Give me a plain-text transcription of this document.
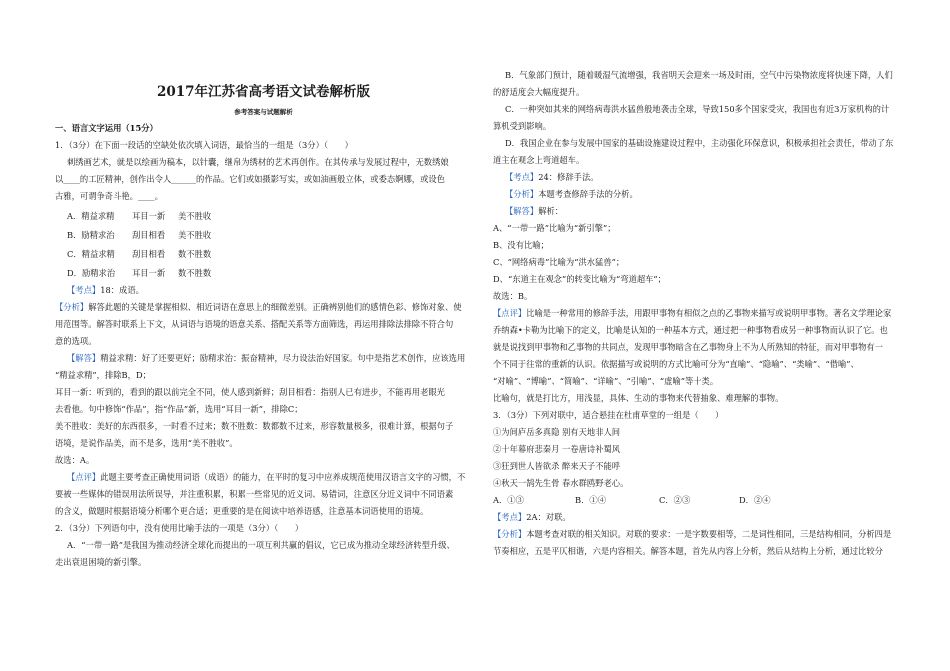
2017年江苏省高考语文试卷解析版
参考答案与试题解析
一、语言文字运用（15分）
1．（3分）在下面一段话的空缺处依次填入词语，最恰当的一组是（3分）（　　）
刺绣画艺术，就是以绘画为稿本，以针囊，继帛为绣材的艺术再创作。在其传承与发展过程中，无数绣娘
以____的工匠精神，创作出令人______的作品。它们或如摄影写实，或如油画般立体，或委态婀娜，或设色
古雅，可谓争奇斗艳。____。
A．精益求精 耳目一新 美不胜收
B．励精求治 刮目相看 美不胜收
C．精益求精 刮目相看 数不胜数
D．励精求治 耳目一新 数不胜数
【考点】18：成语。
【分析】解答此题的关键是掌握相似、相近词语在意思上的细微差别。正确辨别他们的感情色彩、修饰对象、使
用范围等。解答时联系上下文，从词语与语境的语意关系、搭配关系等方面筛选，再运用排除法排除不符合句
意的选项。
【解答】精益求精：好了还要更好；励精求治：振奋精神，尽力设法治好国家。句中是指艺术创作，应该选用
“精益求精”，排除B，D；
耳目一新：听到的，看到的跟以前完全不同，使人感到新鲜；刮目相看：指别人已有进步，不能再用老眼光
去看他。句中修饰“作品”，指“作品”新，选用“耳目一新”，排除C；
美不胜收：美好的东西很多，一时看不过来；数不胜数：数都数不过来，形容数量极多，很难计算，根据句子
语境，是说作品美，而不是多，选用“美不胜收”。
故选：A。
【点评】此题主要考查正确使用词语（成语）的能力，在平时的复习中应养成规范使用汉语言文字的习惯，不
要被一些媒体的错误用法所误导，并注重积累，积累一些常见的近义词、易错词，注意区分近义词中不同语素
的含义，做题时根据语境分析哪个更合适；更重要的是在阅读中培养语感，注意基本词语使用的语境。
2．（3分）下列语句中，没有使用比喻手法的一项是（3分）（　　）
A．“一带一路”是我国为推动经济全球化而提出的一项互利共赢的倡议，它已成为推动全球经济转型升级、
走出衰退困境的新引擎。
B．气象部门预计，随着暖湿气流增强，我省明天会迎来一场及时雨，空气中污染物浓度将快速下降，人们
的舒适度会大幅度提升。
C．一种突如其来的网络病毒洪水猛兽般地袭击全球，导致150多个国家受灾，我国也有近3万家机构的计
算机受到影响。
D．我国企业在参与发展中国家的基础设施建设过程中，主动强化环保意识，积极承担社会责任，带动了东
道主在观念上弯道超车。
【考点】24：修辞手法。
【分析】本题考查修辞手法的分析。
【解答】解析：
A、“一带一路”比喻为“新引擎”；
B、没有比喻；
C、“网络病毒”比喻为“洪水猛兽”；
D、“东道主在观念”的转变比喻为“弯道超车”；
故选：B。
【点评】比喻是一种常用的修辞手法，用跟甲事物有相似之点的乙事物来描写或说明甲事物。著名文学理论家
乔纳森•卡勒为比喻下的定义，比喻是认知的一种基本方式，通过把一种事物看成另一种事物而认识了它。也
就是说找到甲事物和乙事物的共同点，发现甲事物暗含在乙事物身上不为人所熟知的特征，而对甲事物有一
个不同于往常的重新的认识。依据描写或说明的方式比喻可分为“直喻”、“隐喻”、“类喻”、“借喻”、
“对喻”、“博喻”、“简喻”、“详喻”、“引喻”、“虚喻”等十类。
比喻句，就是打比方，用浅显，具体、生动的事物来代替抽象、难理解的事物。
3．（3分）下列对联中，适合悬挂在杜甫草堂的一组是（　　）
①为间庐岳多真隐 别有天地非人间
②十年幕府悲秦月 一卷唐诗补蜀风
③狂到世人皆欲杀 醉来天子不能呼
④秋天一鹄先生骨 春水群鸥野老心。
A．①③	B．①④	C．②③	D．②④
【考点】2A：对联。
【分析】本题考查对联的相关知识。对联的要求：一是字数要相等，二是词性相同，三是结构相同，分析四是
节奏相应，五是平仄相谐，六是内容相关。解答本题，首先从内容上分析，然后从结构上分析，通过比较分
